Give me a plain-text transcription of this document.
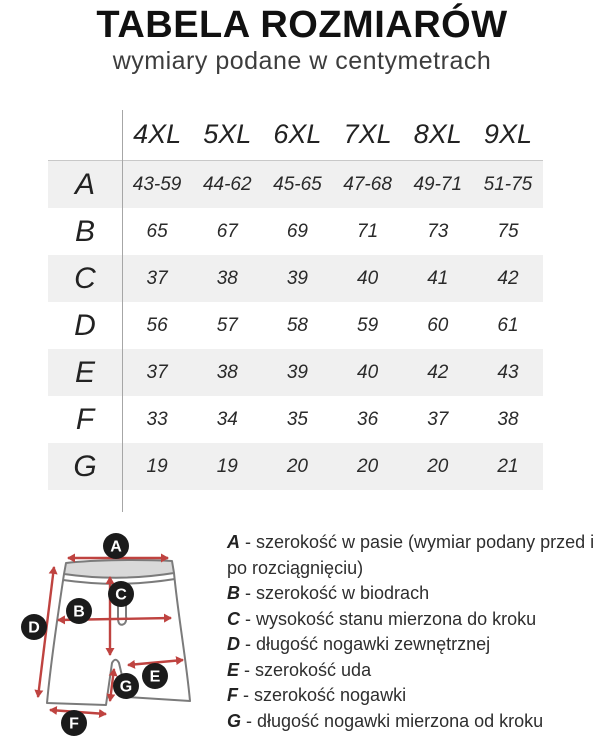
TABELA ROZMIARÓW

wymiary podane w centymetrach

4XL 5XL 6XL 7XL 8XL 9XL
A	43-59	44-62	45-65	47-68	49-71	51-75
B	65	67	69	71	73	75
C	37	38	39	40	41	42
D	56	57	58	59	60	61
E	37	38	39	40	42	43
F	33	34	35	36	37	38
G	19	19	20	20	20	21
A
B
C
D
E
F
G
A - szerokość w pasie (wymiar podany przed i po rozciągnięciu)
B - szerokość w biodrach
C - wysokość stanu mierzona do kroku
D - długość nogawki zewnętrznej
E - szerokość uda
F - szerokość nogawki
G - długość nogawki mierzona od kroku
